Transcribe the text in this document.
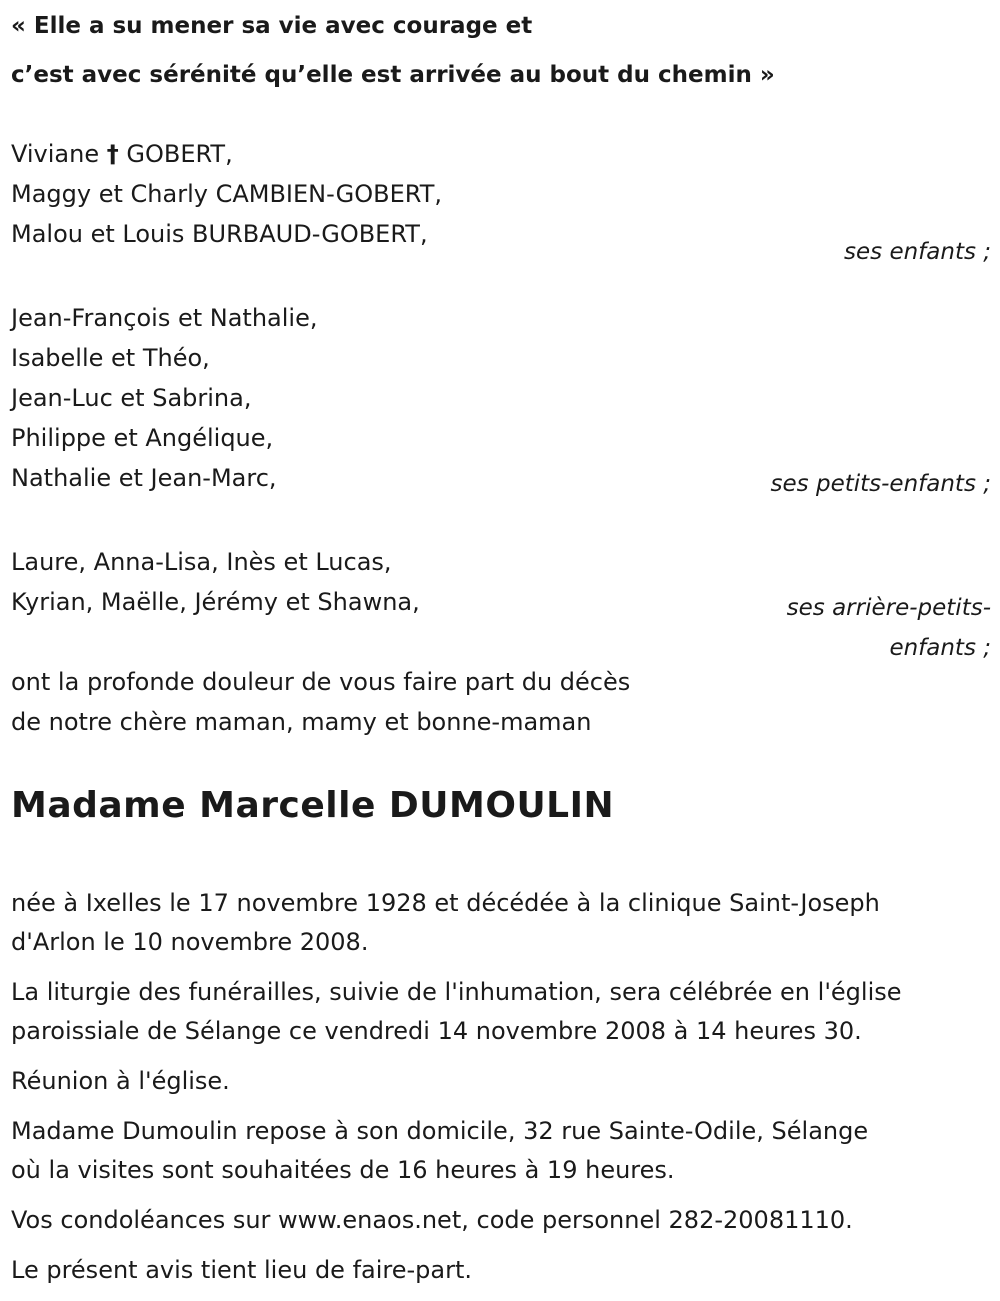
« Elle a su mener sa vie avec courage et
c’est avec sérénité qu’elle est arrivée au bout du chemin »
Viviane † GOBERT,
Maggy et Charly CAMBIEN-GOBERT,
Malou et Louis BURBAUD-GOBERT,
ses enfants ;
Jean-François et Nathalie,
Isabelle et Théo,
Jean-Luc et Sabrina,
Philippe et Angélique,
Nathalie et Jean-Marc,	ses petits-enfants ;
Laure, Anna-Lisa, Inès et Lucas,
Kyrian, Maëlle, Jérémy et Shawna,	ses arrière-petits-
enfants ;
ont la profonde douleur de vous faire part du décès
de notre chère maman, mamy et bonne-maman
Madame Marcelle DUMOULIN

née à Ixelles le 17 novembre 1928 et décédée à la clinique Saint-Joseph
d'Arlon le 10 novembre 2008.

La liturgie des funérailles, suivie de l'inhumation, sera célébrée en l'église
paroissiale de Sélange ce vendredi 14 novembre 2008 à 14 heures 30.

Réunion à l'église.

Madame Dumoulin repose à son domicile, 32 rue Sainte-Odile, Sélange
où la visites sont souhaitées de 16 heures à 19 heures.

Vos condoléances sur www.enaos.net, code personnel 282-20081110.

Le présent avis tient lieu de faire-part.
